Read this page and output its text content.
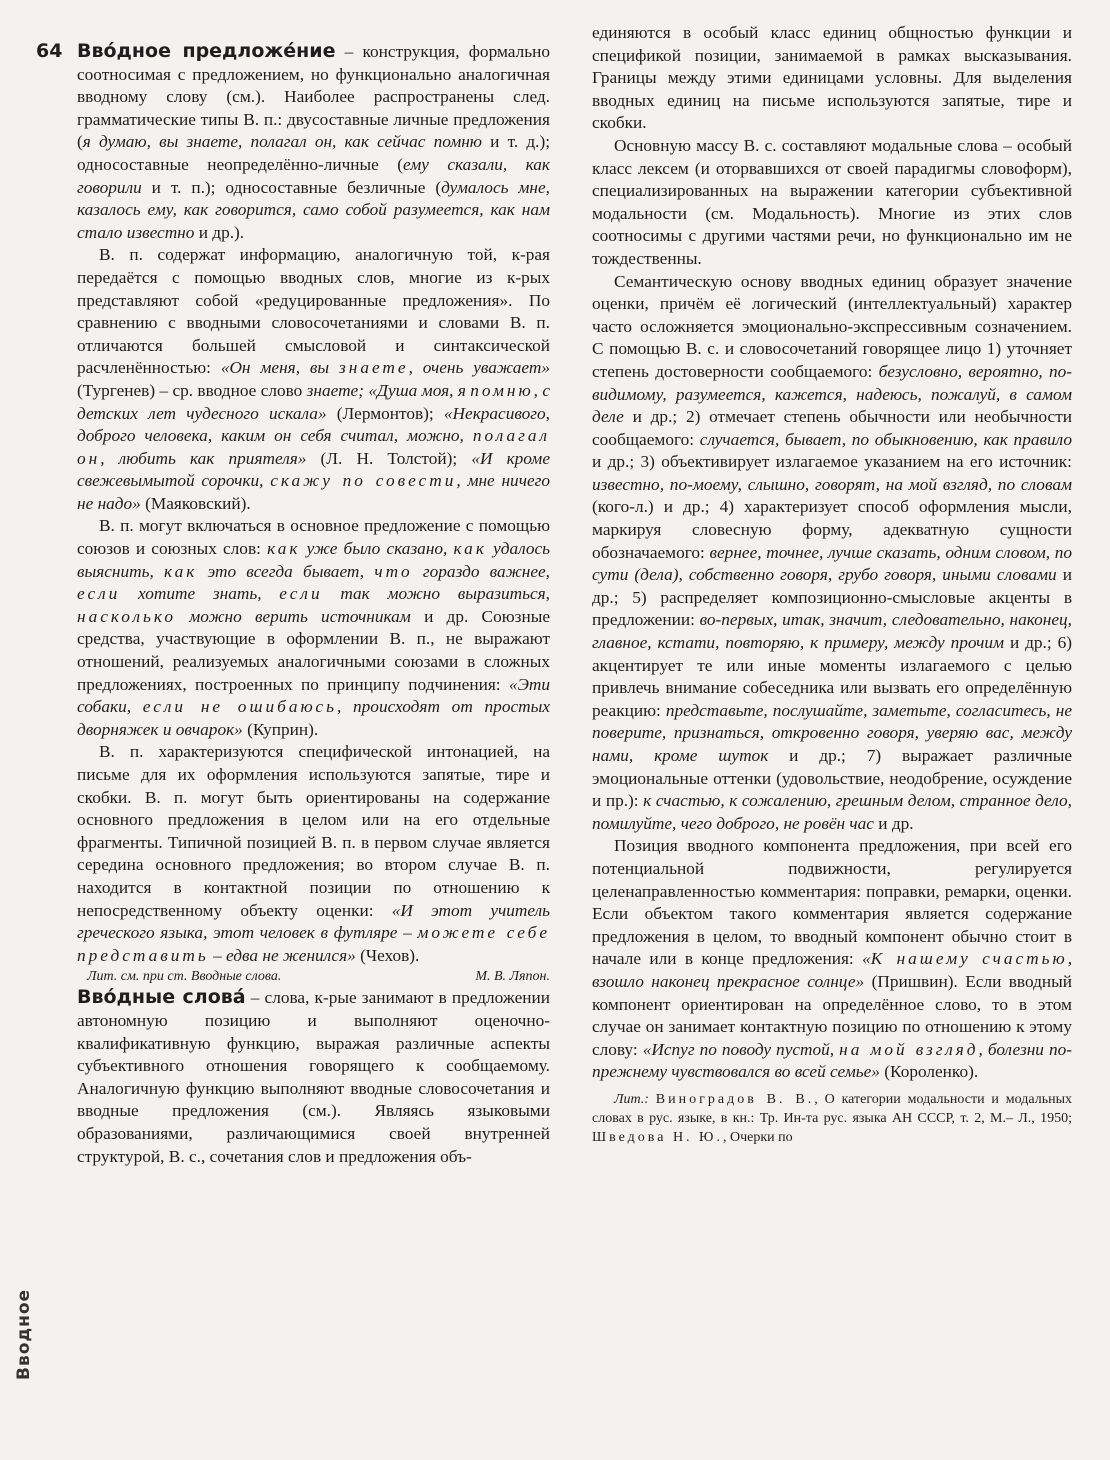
64
Вводное

Вво́дное предложе́ние – конструкция, формально соотносимая с предложением, но функционально аналогичная вводному слову (см.). Наиболее распространены след. грамматические типы В. п.: двусоставные личные предложения (я думаю, вы знаете, полагал он, как сейчас помню и т. д.); односоставные неопределённо-личные (ему сказали, как говорили и т. п.); односоставные безличные (думалось мне, казалось ему, как говорится, само собой разумеется, как нам стало известно и др.).

В. п. содержат информацию, аналогичную той, к-рая передаётся с помощью вводных слов, многие из к-рых представляют собой «редуцированные предложения». По сравнению с вводными словосочетаниями и словами В. п. отличаются большей смысловой и синтаксической расчленённостью: «Он меня, вы знаете, очень уважает» (Тургенев) – ср. вводное слово знаете; «Душа моя, я помню, с детских лет чудесного искала» (Лермонтов); «Некрасивого, доброго человека, каким он себя считал, можно, полагал он, любить как приятеля» (Л. Н. Толстой); «И кроме свежевымытой сорочки, скажу по совести, мне ничего не надо» (Маяковский).

В. п. могут включаться в основное предложение с помощью союзов и союзных слов: как уже было сказано, как удалось выяснить, как это всегда бывает, что гораздо важнее, если хотите знать, если так можно выразиться, насколько можно верить источникам и др. Союзные средства, участвующие в оформлении В. п., не выражают отношений, реализуемых аналогичными союзами в сложных предложениях, построенных по принципу подчинения: «Эти собаки, если не ошибаюсь, происходят от простых дворняжек и овчарок» (Куприн).

В. п. характеризуются специфической интонацией, на письме для их оформления используются запятые, тире и скобки. В. п. могут быть ориентированы на содержание основного предложения в целом или на его отдельные фрагменты. Типичной позицией В. п. в первом случае является середина основного предложения; во втором случае В. п. находится в контактной позиции по отношению к непосредственному объекту оценки: «И этот учитель греческого языка, этот человек в футляре – можете себе представить – едва не женился» (Чехов).

Лит. см. при ст. Вводные слова.	М. В. Ляпон.

Вво́дные слова́ – слова, к-рые занимают в предложении автономную позицию и выполняют оценочно-квалификативную функцию, выражая различные аспекты субъективного отношения говорящего к сообщаемому. Аналогичную функцию выполняют вводные словосочетания и вводные предложения (см.). Являясь языковыми образованиями, различающимися своей внутренней структурой, В. с., сочетания слов и предложения объ-

единяются в особый класс единиц общностью функции и спецификой позиции, занимаемой в рамках высказывания. Границы между этими единицами условны. Для выделения вводных единиц на письме используются запятые, тире и скобки.

Основную массу В. с. составляют модальные слова – особый класс лексем (и оторвавшихся от своей парадигмы словоформ), специализированных на выражении категории субъективной модальности (см. Модальность). Многие из этих слов соотносимы с другими частями речи, но функционально им не тождественны.

Семантическую основу вводных единиц образует значение оценки, причём её логический (интеллектуальный) характер часто осложняется эмоционально-экспрессивным созначением. С помощью В. с. и словосочетаний говорящее лицо 1) уточняет степень достоверности сообщаемого: безусловно, вероятно, по-видимому, разумеется, кажется, надеюсь, пожалуй, в самом деле и др.; 2) отмечает степень обычности или необычности сообщаемого: случается, бывает, по обыкновению, как правило и др.; 3) объективирует излагаемое указанием на его источник: известно, по-моему, слышно, говорят, на мой взгляд, по словам (кого-л.) и др.; 4) характеризует способ оформления мысли, маркируя словесную форму, адекватную сущности обозначаемого: вернее, точнее, лучше сказать, одним словом, по сути (дела), собственно говоря, грубо говоря, иными словами и др.; 5) распределяет композиционно-смысловые акценты в предложении: во-первых, итак, значит, следовательно, наконец, главное, кстати, повторяю, к примеру, между прочим и др.; 6) акцентирует те или иные моменты излагаемого с целью привлечь внимание собеседника или вызвать его определённую реакцию: представьте, послушайте, заметьте, согласитесь, не поверите, признаться, откровенно говоря, уверяю вас, между нами, кроме шуток и др.; 7) выражает различные эмоциональные оттенки (удовольствие, неодобрение, осуждение и пр.): к счастью, к сожалению, грешным делом, странное дело, помилуйте, чего доброго, не ровён час и др.

Позиция вводного компонента предложения, при всей его потенциальной подвижности, регулируется целенаправленностью комментария: поправки, ремарки, оценки. Если объектом такого комментария является содержание предложения в целом, то вводный компонент обычно стоит в начале или в конце предложения: «К нашему счастью, взошло наконец прекрасное солнце» (Пришвин). Если вводный компонент ориентирован на определённое слово, то в этом случае он занимает контактную позицию по отношению к этому слову: «Испуг по поводу пустой, на мой взгляд, болезни по-прежнему чувствовался во всей семье» (Короленко).

Лит.: Виноградов В. В., О категории модальности и модальных словах в рус. языке, в кн.: Тр. Ин-та рус. языка АН СССР, т. 2, М.– Л., 1950; Шведова Н. Ю., Очерки по
